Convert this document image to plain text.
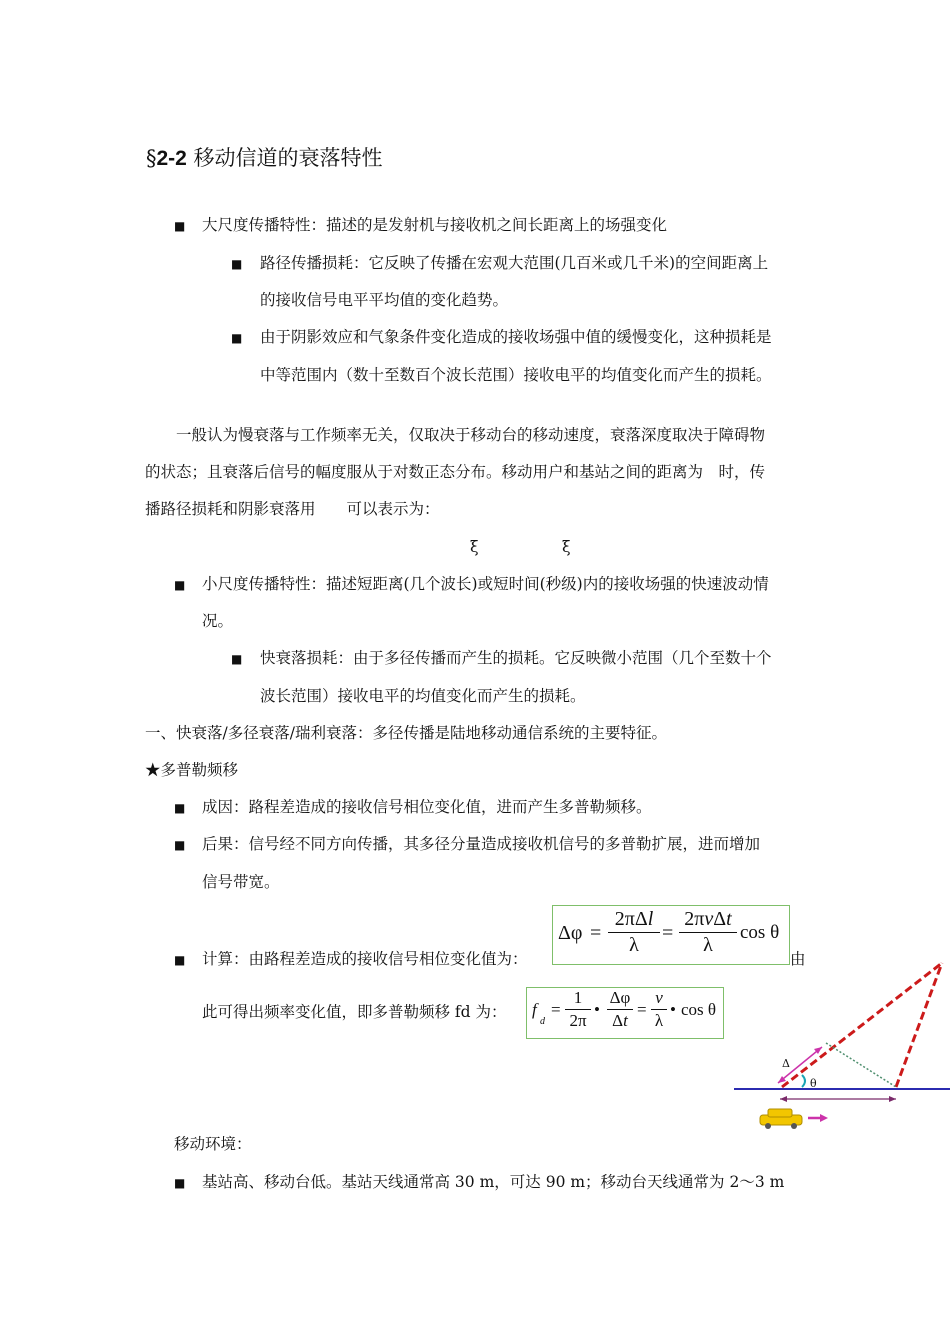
§2-2 移动信道的衰落特性
■ 大尺度传播特性：描述的是发射机与接收机之间长距离上的场强变化
■ 路径传播损耗：它反映了传播在宏观大范围(几百米或几千米)的空间距离上
的接收信号电平平均值的变化趋势。
■ 由于阴影效应和气象条件变化造成的接收场强中值的缓慢变化，这种损耗是
中等范围内（数十至数百个波长范围）接收电平的均值变化而产生的损耗。
一般认为慢衰落与工作频率无关，仅取决于移动台的移动速度，衰落深度取决于障碍物
的状态；且衰落后信号的幅度服从于对数正态分布。移动用户和基站之间的距离为　时，传
播路径损耗和阴影衰落用　　可以表示为：
ξ	ξ
■ 小尺度传播特性：描述短距离(几个波长)或短时间(秒级)内的接收场强的快速波动情
况。
■ 快衰落损耗：由于多径传播而产生的损耗。它反映微小范围（几个至数十个
波长范围）接收电平的均值变化而产生的损耗。
一、快衰落/多径衰落/瑞利衰落：多径传播是陆地移动通信系统的主要特征。
★多普勒频移
■ 成因：路程差造成的接收信号相位变化值，进而产生多普勒频移。
■ 后果：信号经不同方向传播，其多径分量造成接收机信号的多普勒扩展，进而增加
信号带宽。
■ 计算：由路程差造成的接收信号相位变化值为：	由
Δφ =
2πΔl
λ
=
2πvΔt
λ
cos θ
此可得出频率变化值，即多普勒频移 fd 为： f
d
=
1
2π
•
Δφ
Δt
=
v
λ
• cos θ
Δ
θ
移动环境：
■ 基站高、移动台低。基站天线通常高 30 m，可达 90 m；移动台天线通常为 2～3 m
